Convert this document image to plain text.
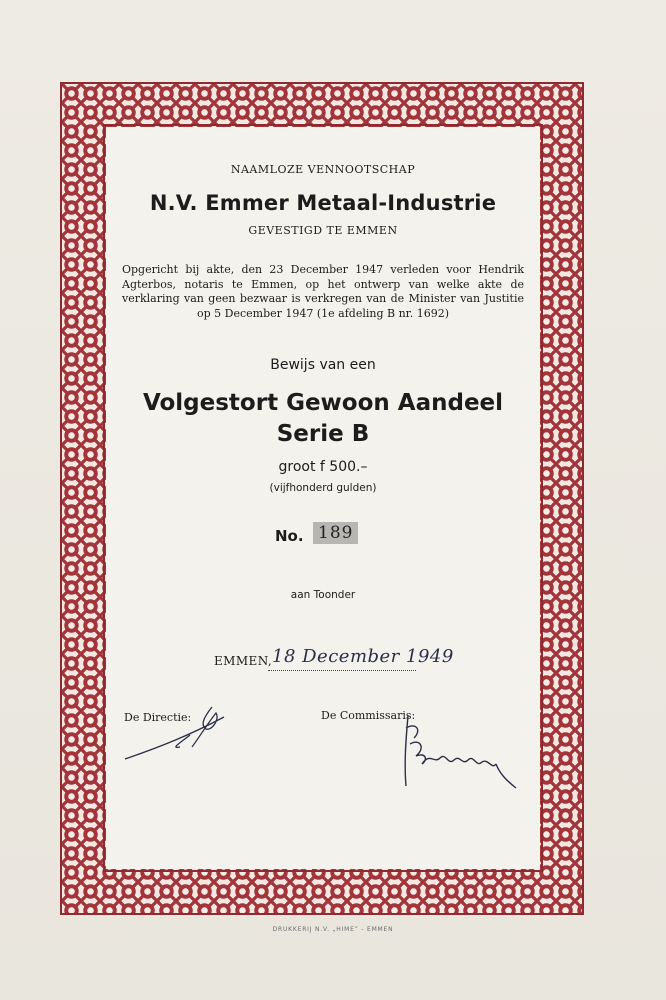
NAAMLOZE VENNOOTSCHAP
N.V. Emmer Metaal-Industrie
GEVESTIGD TE EMMEN
Opgericht bij akte, den 23 December 1947 verleden voor Hendrik Agterbos, notaris te Emmen, op het ontwerp van welke akte de verklaring van geen bezwaar is verkregen van de Minister van Justitie op 5 December 1947 (1e afdeling B nr. 1692)
Bewijs van een
Volgestort Gewoon Aandeel
Serie B
groot f 500.–
(vijfhonderd gulden)
No. 189
aan Toonder
EMMEN, 18 December 1949
De Directie:	De Commissaris:
DRUKKERIJ N.V. „HIME” - EMMEN
